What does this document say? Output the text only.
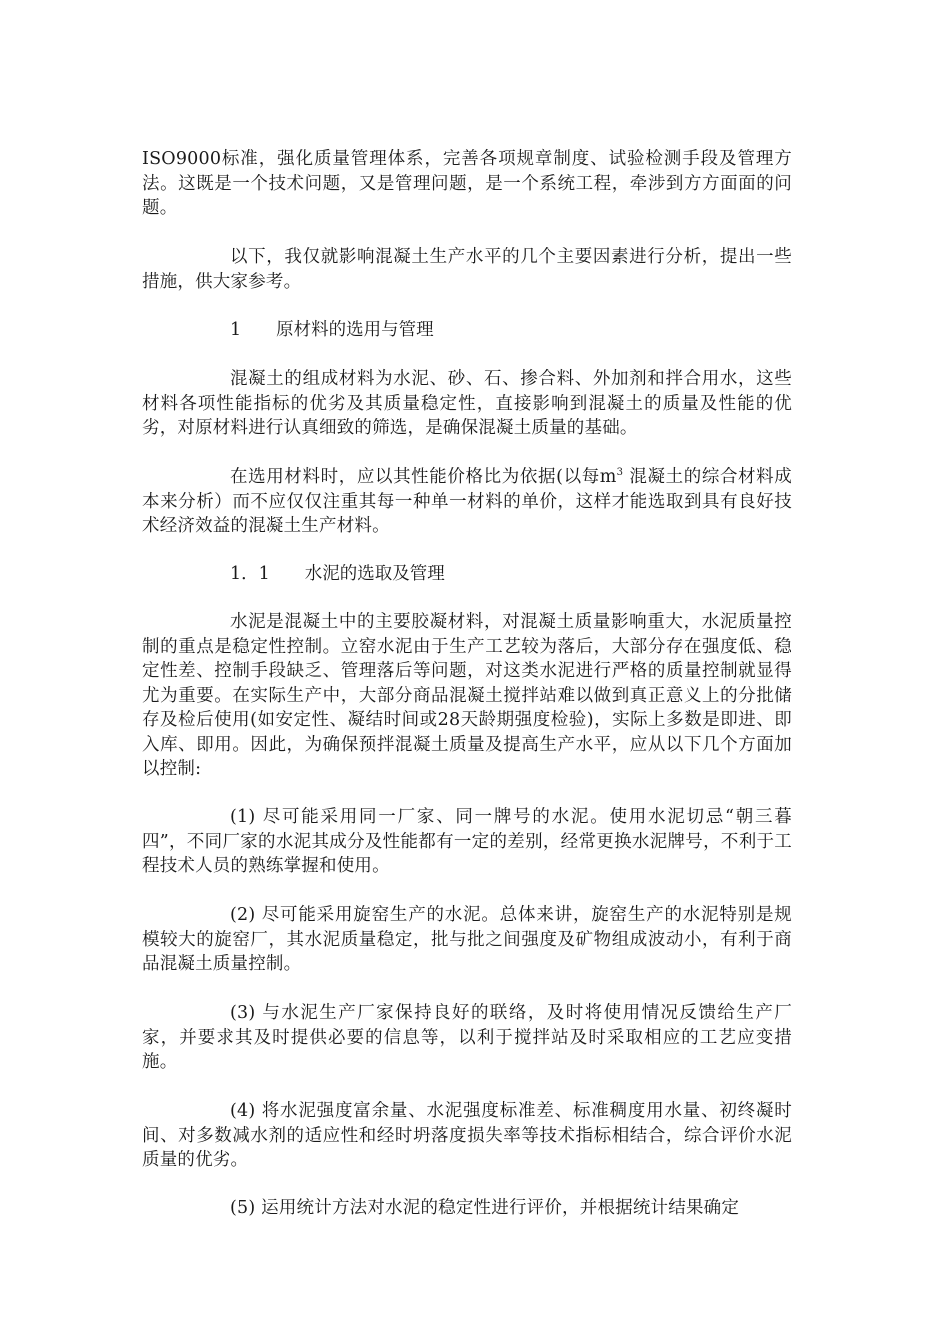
ISO9000标准，强化质量管理体系，完善各项规章制度、试验检测手段及管理方法。这既是一个技术问题，又是管理问题，是一个系统工程，牵涉到方方面面的问题。

以下，我仅就影响混凝土生产水平的几个主要因素进行分析，提出一些措施，供大家参考。

1　　原材料的选用与管理

混凝土的组成材料为水泥、砂、石、掺合料、外加剂和拌合用水，这些材料各项性能指标的优劣及其质量稳定性，直接影响到混凝土的质量及性能的优劣，对原材料进行认真细致的筛选，是确保混凝土质量的基础。

在选用材料时，应以其性能价格比为依据(以每$m^3$ 混凝土的综合材料成本来分析）而不应仅仅注重其每一种单一材料的单价，这样才能选取到具有良好技术经济效益的混凝土生产材料。

1．1　　水泥的选取及管理

水泥是混凝土中的主要胶凝材料，对混凝土质量影响重大，水泥质量控制的重点是稳定性控制。立窑水泥由于生产工艺较为落后，大部分存在强度低、稳定性差、控制手段缺乏、管理落后等问题，对这类水泥进行严格的质量控制就显得尤为重要。在实际生产中，大部分商品混凝土搅拌站难以做到真正意义上的分批储存及检后使用(如安定性、凝结时间或28天龄期强度检验)，实际上多数是即进、即入库、即用。因此，为确保预拌混凝土质量及提高生产水平，应从以下几个方面加以控制:

(1) 尽可能采用同一厂家、同一牌号的水泥。使用水泥切忌“朝三暮四”，不同厂家的水泥其成分及性能都有一定的差别，经常更换水泥牌号，不利于工程技术人员的熟练掌握和使用。

(2) 尽可能采用旋窑生产的水泥。总体来讲，旋窑生产的水泥特别是规模较大的旋窑厂，其水泥质量稳定，批与批之间强度及矿物组成波动小，有利于商品混凝土质量控制。

(3) 与水泥生产厂家保持良好的联络，及时将使用情况反馈给生产厂家，并要求其及时提供必要的信息等，以利于搅拌站及时采取相应的工艺应变措施。

(4) 将水泥强度富余量、水泥强度标准差、标准稠度用水量、初终凝时间、对多数减水剂的适应性和经时坍落度损失率等技术指标相结合，综合评价水泥质量的优劣。

(5) 运用统计方法对水泥的稳定性进行评价，并根据统计结果确定
